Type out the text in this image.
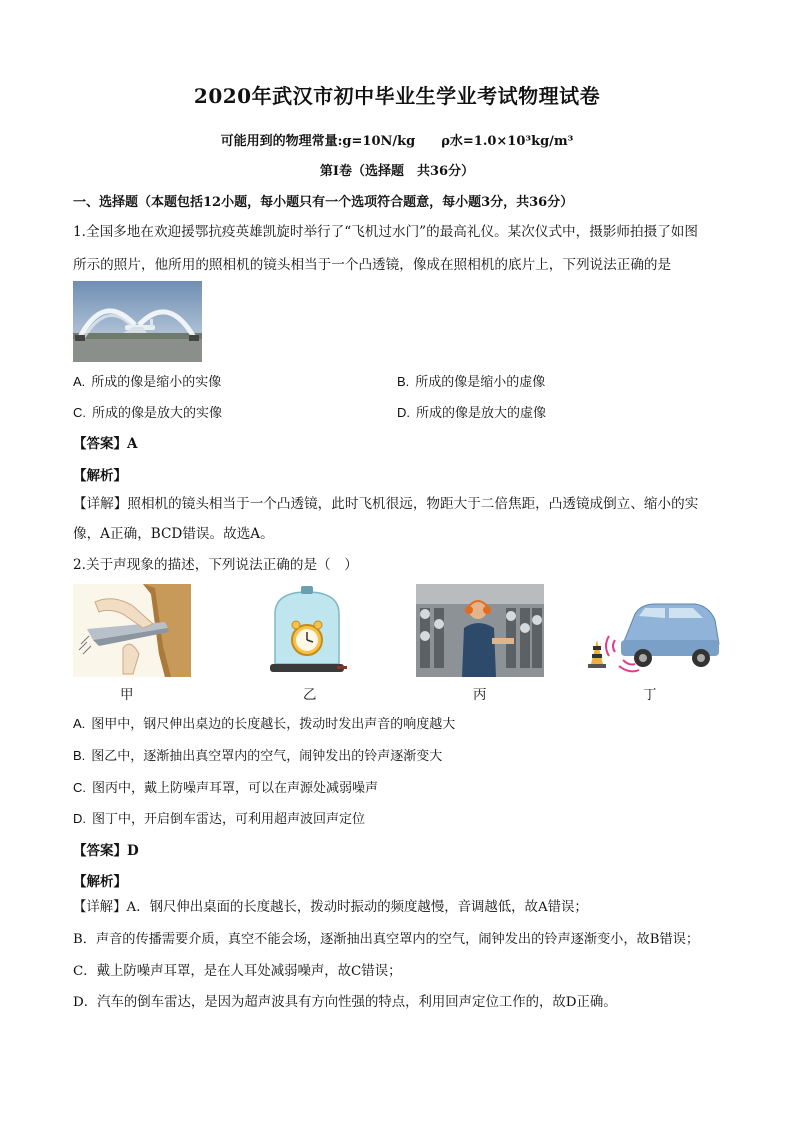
2020年武汉市初中毕业生学业考试物理试卷
可能用到的物理常量:g=10N/kg ρ水=1.0×10³kg/m³
第Ⅰ卷（选择题　共36分）
一、选择题（本题包括12小题，每小题只有一个选项符合题意，每小题3分，共36分）
1.全国多地在欢迎援鄂抗疫英雄凯旋时举行了“飞机过水门”的最高礼仪。某次仪式中，摄影师拍摄了如图
所示的照片，他所用的照相机的镜头相当于一个凸透镜，像成在照相机的底片上，下列说法正确的是
A. 所成的像是缩小的实像	B. 所成的像是缩小的虚像
C. 所成的像是放大的实像	D. 所成的像是放大的虚像
【答案】A
【解析】
【详解】照相机的镜头相当于一个凸透镜，此时飞机很远，物距大于二倍焦距，凸透镜成倒立、缩小的实
像，A正确，BCD错误。故选A。
2.关于声现象的描述，下列说法正确的是（　）
甲	乙	丙	丁
A. 图甲中，钢尺伸出桌边的长度越长，拨动时发出声音的响度越大
B. 图乙中，逐渐抽出真空罩内的空气，闹钟发出的铃声逐渐变大
C. 图丙中，戴上防噪声耳罩，可以在声源处减弱噪声
D. 图丁中，开启倒车雷达，可利用超声波回声定位
【答案】D
【解析】
【详解】A．钢尺伸出桌面的长度越长，拨动时振动的频度越慢，音调越低，故A错误；
B．声音的传播需要介质，真空不能会场，逐渐抽出真空罩内的空气，闹钟发出的铃声逐渐变小，故B错误；
C．戴上防噪声耳罩，是在人耳处减弱噪声，故C错误；
D．汽车的倒车雷达，是因为超声波具有方向性强的特点，利用回声定位工作的，故D正确。
